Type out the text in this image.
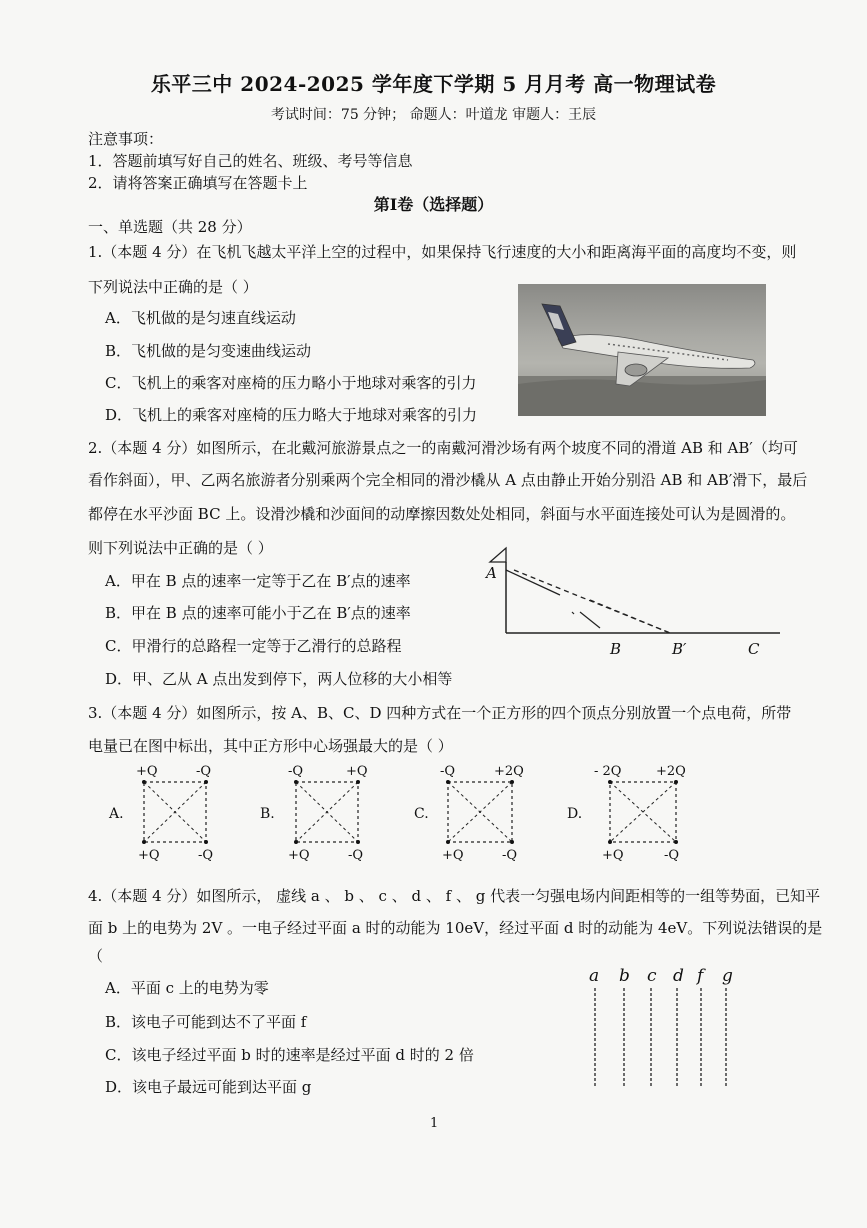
乐平三中 2024-2025 学年度下学期 5 月月考 高一物理试卷
考试时间：75 分钟； 命题人：叶道龙 审题人：王辰
注意事项：
1．答题前填写好自己的姓名、班级、考号等信息
2．请将答案正确填写在答题卡上
第Ⅰ卷（选择题）
一、单选题（共 28 分）
1.（本题 4 分）在飞机飞越太平洋上空的过程中，如果保持飞行速度的大小和距离海平面的高度均不变，则
下列说法中正确的是（ ）
A．飞机做的是匀速直线运动
B．飞机做的是匀变速曲线运动
C．飞机上的乘客对座椅的压力略小于地球对乘客的引力
D．飞机上的乘客对座椅的压力略大于地球对乘客的引力
2.（本题 4 分）如图所示，在北戴河旅游景点之一的南戴河滑沙场有两个坡度不同的滑道 AB 和 AB′（均可
看作斜面），甲、乙两名旅游者分别乘两个完全相同的滑沙橇从 A 点由静止开始分别沿 AB 和 AB′滑下，最后
都停在水平沙面 BC 上。设滑沙橇和沙面间的动摩擦因数处处相同，斜面与水平面连接处可认为是圆滑的。
则下列说法中正确的是（ ）
A．甲在 B 点的速率一定等于乙在 B′点的速率
B．甲在 B 点的速率可能小于乙在 B′点的速率
C．甲滑行的总路程一定等于乙滑行的总路程
D．甲、乙从 A 点出发到停下，两人位移的大小相等
A
B	B′	C
3.（本题 4 分）如图所示，按 A、B、C、D 四种方式在一个正方形的四个顶点分别放置一个点电荷，所带
电量已在图中标出，其中正方形中心场强最大的是（ ）
A.
+Q	-Q
+Q	-Q
B.
-Q	+Q
+Q	-Q
C.
-Q	+2Q
+Q	-Q
D.
- 2Q	+2Q
+Q	-Q
4.（本题 4 分）如图所示， 虚线 a 、 b 、 c 、 d 、 f 、 g 代表一匀强电场内间距相等的一组等势面，已知平
面 b 上的电势为 2V 。一电子经过平面 a 时的动能为 10eV，经过平面 d 时的动能为 4eV。下列说法错误的是
（
A．平面 c 上的电势为零
B．该电子可能到达不了平面 f
C．该电子经过平面 b 时的速率是经过平面 d 时的 2 倍
D．该电子最远可能到达平面 g
a b c d f g
1
